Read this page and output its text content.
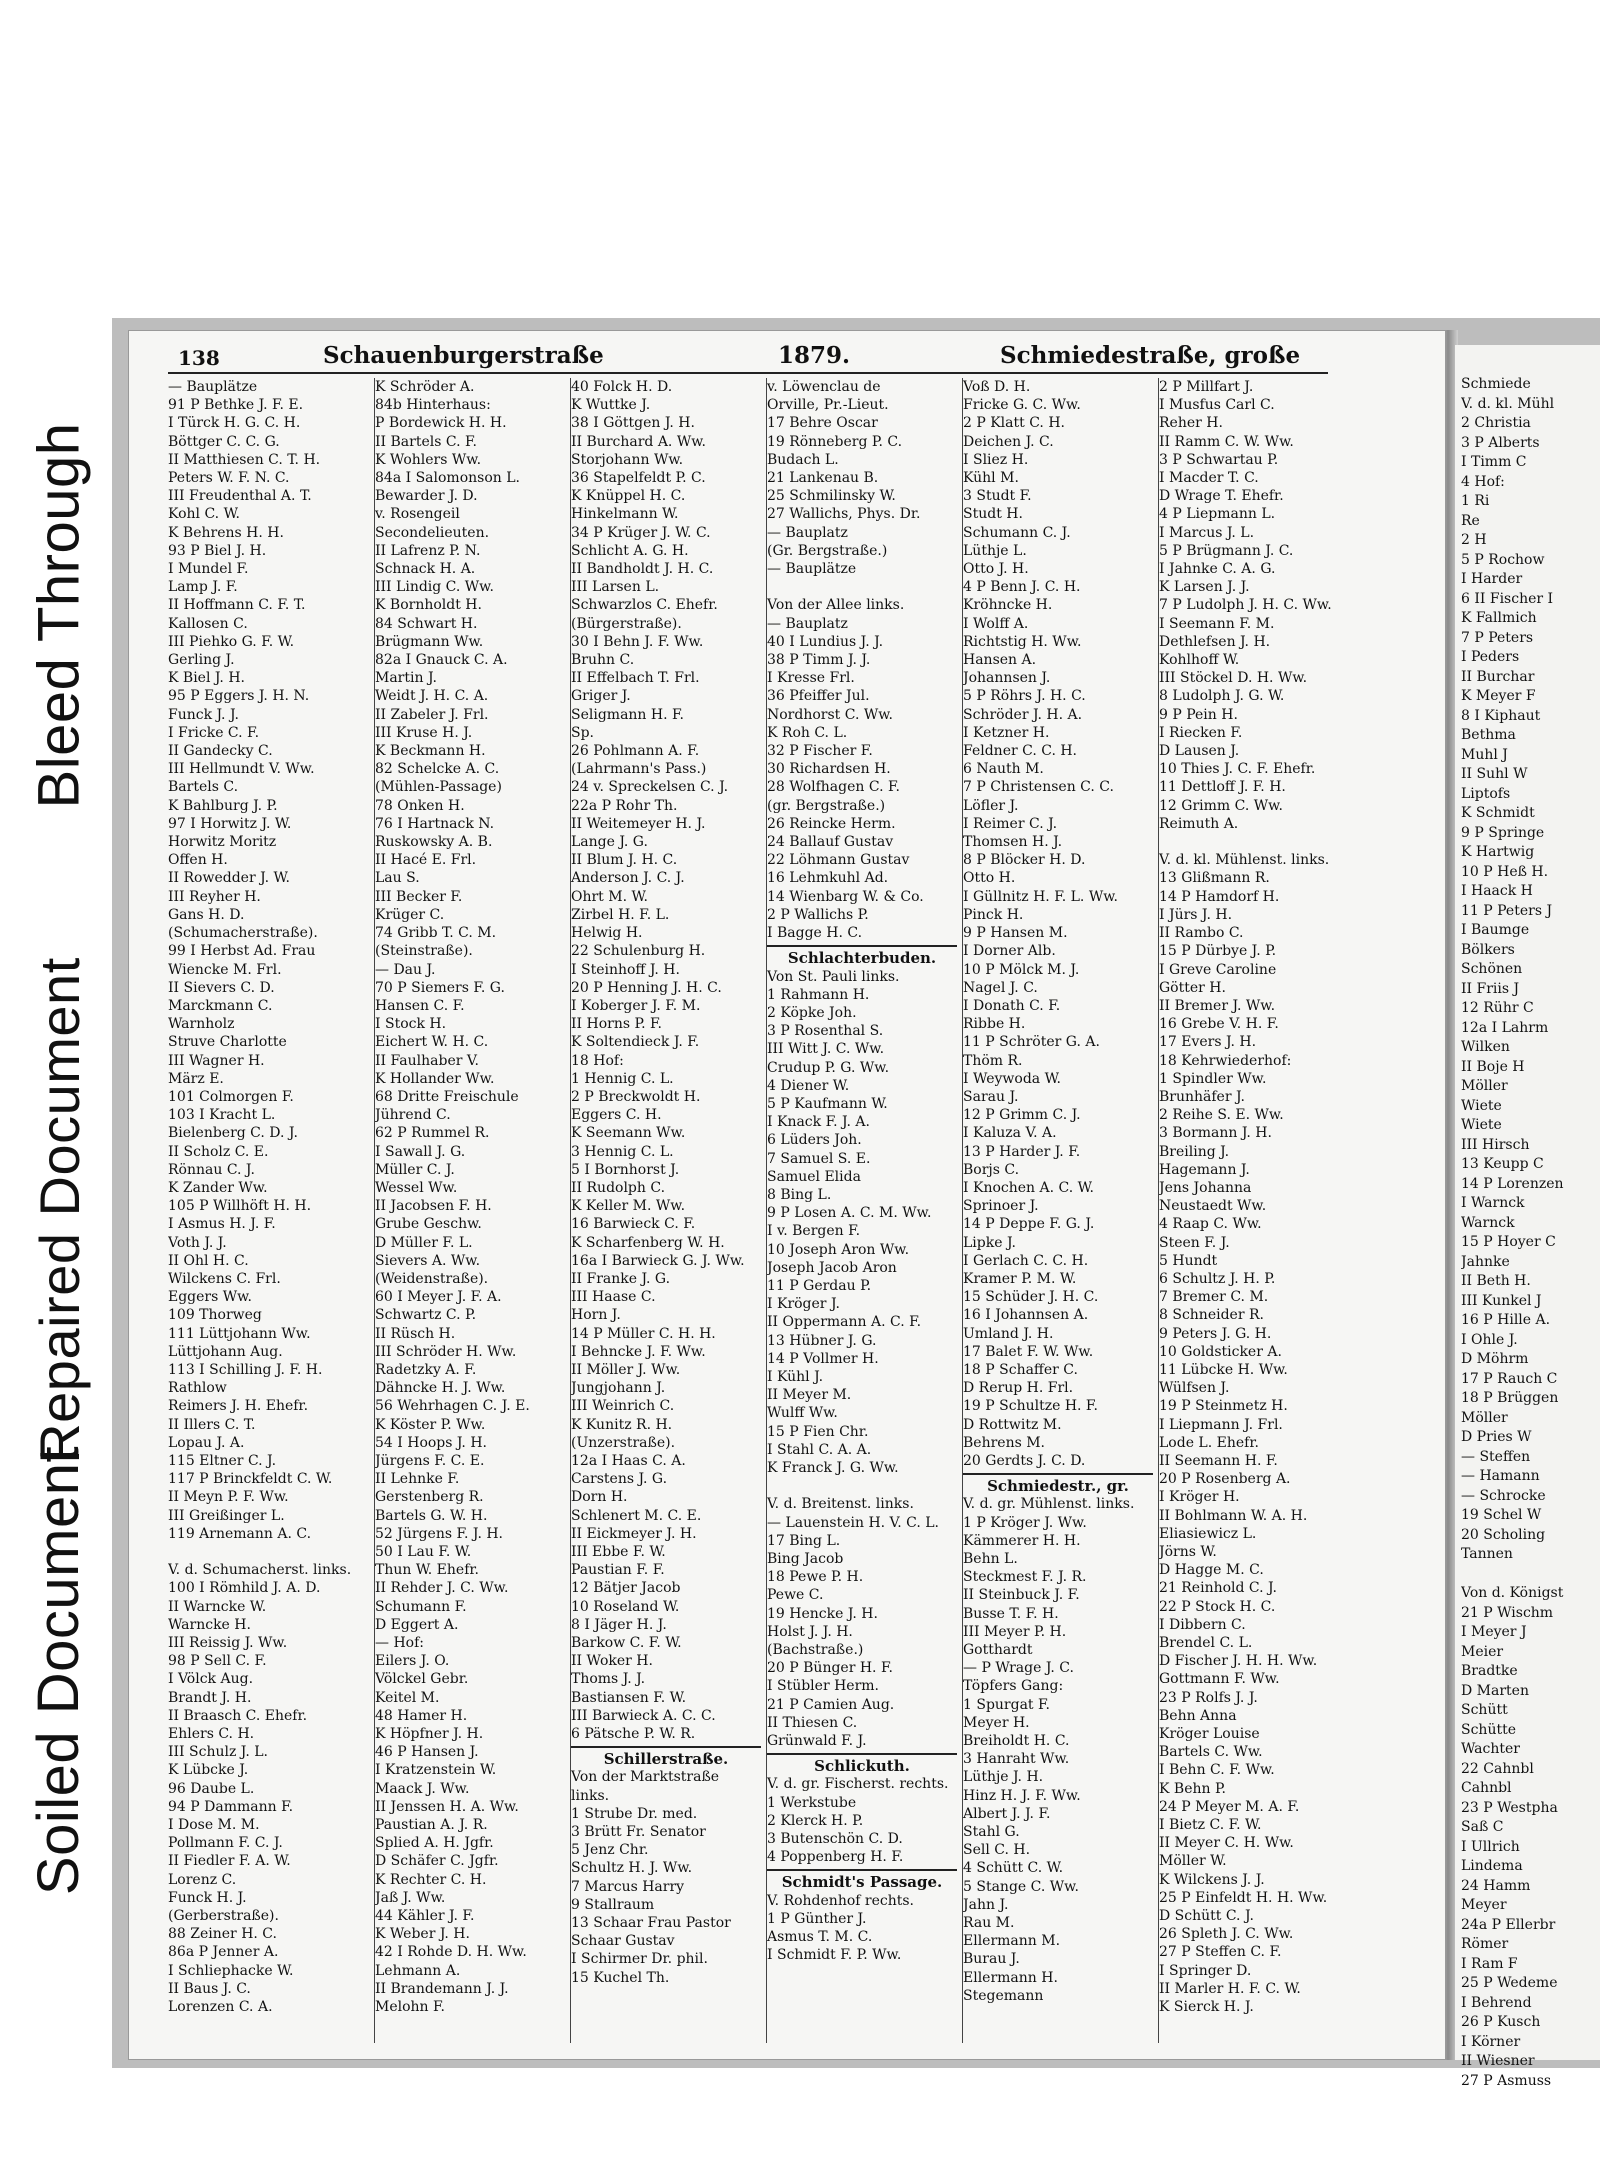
Soiled Document
Repaired Document
Bleed Through
Schmiede
V. d. kl. Mühl
2 Christia
3 P Alberts
I Timm C
4 Hof:
1 Ri
Re
2 H
5 P Rochow
I Harder
6 II Fischer I
K Fallmich
7 P Peters
I Peders
II Burchar
K Meyer F
8 I Kiphaut
Bethma
Muhl J
II Suhl W
Liptofs
K Schmidt
9 P Springe
K Hartwig
10 P Heß H.
I Haack H
11 P Peters J
I Baumge
Bölkers
Schönen
II Friis J
12 Rühr C
12a I Lahrm
Wilken
II Boje H
Möller
Wiete
Wiete
III Hirsch
13 Keupp C
14 P Lorenzen
I Warnck
Warnck
15 P Hoyer C
Jahnke
II Beth H.
III Kunkel J
16 P Hille A.
I Ohle J.
D Möhrm
17 P Rauch C
18 P Brüggen
Möller
D Pries W
— Steffen
— Hamann
— Schrocke
19 Schel W
20 Scholing
Tannen

Von d. Königst
21 P Wischm
I Meyer J
Meier
Bradtke
D Marten
Schütt
Schütte
Wachter
22 Cahnbl
Cahnbl
23 P Westpha
Saß C
I Ullrich
Lindema
24 Hamm
Meyer
24a P Ellerbr
Römer
I Ram F
25 P Wedeme
I Behrend
26 P Kusch
I Körner
II Wiesner
27 P Asmuss
138	Schauenburgerstraße	1879.	Schmiedestraße, große
— Bauplätze
91 P Bethke J. F. E.
I Türck H. G. C. H.
Böttger C. C. G.
II Matthiesen C. T. H.
Peters W. F. N. C.
III Freudenthal A. T.
Kohl C. W.
K Behrens H. H.
93 P Biel J. H.
I Mundel F.
Lamp J. F.
II Hoffmann C. F. T.
Kallosen C.
III Piehko G. F. W.
Gerling J.
K Biel J. H.
95 P Eggers J. H. N.
Funck J. J.
I Fricke C. F.
II Gandecky C.
III Hellmundt V. Ww.
Bartels C.
K Bahlburg J. P.
97 I Horwitz J. W.
Horwitz Moritz
Offen H.
II Rowedder J. W.
III Reyher H.
Gans H. D.
(Schumacherstraße).
99 I Herbst Ad. Frau
Wiencke M. Frl.
II Sievers C. D.
Marckmann C.
Warnholz
Struve Charlotte
III Wagner H.
März E.
101 Colmorgen F.
103 I Kracht L.
Bielenberg C. D. J.
II Scholz C. E.
Rönnau C. J.
K Zander Ww.
105 P Willhöft H. H.
I Asmus H. J. F.
Voth J. J.
II Ohl H. C.
Wilckens C. Frl.
Eggers Ww.
109 Thorweg
111 Lüttjohann Ww.
Lüttjohann Aug.
113 I Schilling J. F. H.
Rathlow
Reimers J. H. Ehefr.
II Illers C. T.
Lopau J. A.
115 Eltner C. J.
117 P Brinckfeldt C. W.
II Meyn P. F. Ww.
III Greißinger L.
119 Arnemann A. C.

V. d. Schumacherst. links.
100 I Römhild J. A. D.
II Warncke W.
Warncke H.
III Reissig J. Ww.
98 P Sell C. F.
I Völck Aug.
Brandt J. H.
II Braasch C. Ehefr.
Ehlers C. H.
III Schulz J. L.
K Lübcke J.
96 Daube L.
94 P Dammann F.
I Dose M. M.
Pollmann F. C. J.
II Fiedler F. A. W.
Lorenz C.
Funck H. J.
(Gerberstraße).
88 Zeiner H. C.
86a P Jenner A.
I Schliephacke W.
II Baus J. C.
Lorenzen C. A.
K Schröder A.
84b Hinterhaus:
P Bordewick H. H.
II Bartels C. F.
K Wohlers Ww.
84a I Salomonson L.
Bewarder J. D.
v. Rosengeil
Secondelieuten.
II Lafrenz P. N.
Schnack H. A.
III Lindig C. Ww.
K Bornholdt H.
84 Schwart H.
Brügmann Ww.
82a I Gnauck C. A.
Martin J.
Weidt J. H. C. A.
II Zabeler J. Frl.
III Kruse H. J.
K Beckmann H.
82 Schelcke A. C.
(Mühlen-Passage)
78 Onken H.
76 I Hartnack N.
Ruskowsky A. B.
II Hacé E. Frl.
Lau S.
III Becker F.
Krüger C.
74 Gribb T. C. M.
(Steinstraße).
— Dau J.
70 P Siemers F. G.
Hansen C. F.
I Stock H.
Eichert W. H. C.
II Faulhaber V.
K Hollander Ww.
68 Dritte Freischule
Jührend C.
62 P Rummel R.
I Sawall J. G.
Müller C. J.
Wessel Ww.
II Jacobsen F. H.
Grube Geschw.
D Müller F. L.
Sievers A. Ww.
(Weidenstraße).
60 I Meyer J. F. A.
Schwartz C. P.
II Rüsch H.
III Schröder H. Ww.
Radetzky A. F.
Dähncke H. J. Ww.
56 Wehrhagen C. J. E.
K Köster P. Ww.
54 I Hoops J. H.
Jürgens F. C. E.
II Lehnke F.
Gerstenberg R.
Bartels G. W. H.
52 Jürgens F. J. H.
50 I Lau F. W.
Thun W. Ehefr.
II Rehder J. C. Ww.
Schumann F.
D Eggert A.
— Hof:
Eilers J. O.
Völckel Gebr.
Keitel M.
48 Hamer H.
K Höpfner J. H.
46 P Hansen J.
I Kratzenstein W.
Maack J. Ww.
II Jenssen H. A. Ww.
Paustian A. J. R.
Splied A. H. Jgfr.
D Schäfer C. Jgfr.
K Rechter C. H.
Jaß J. Ww.
44 Kähler J. F.
K Weber J. H.
42 I Rohde D. H. Ww.
Lehmann A.
II Brandemann J. J.
Melohn F.
40 Folck H. D.
K Wuttke J.
38 I Göttgen J. H.
II Burchard A. Ww.
Storjohann Ww.
36 Stapelfeldt P. C.
K Knüppel H. C.
Hinkelmann W.
34 P Krüger J. W. C.
Schlicht A. G. H.
II Bandholdt J. H. C.
III Larsen L.
Schwarzlos C. Ehefr.
(Bürgerstraße).
30 I Behn J. F. Ww.
Bruhn C.
II Effelbach T. Frl.
Griger J.
Seligmann H. F.
Sp.
26 Pohlmann A. F.
(Lahrmann's Pass.)
24 v. Spreckelsen C. J.
22a P Rohr Th.
II Weitemeyer H. J.
Lange J. G.
II Blum J. H. C.
Anderson J. C. J.
Ohrt M. W.
Zirbel H. F. L.
Helwig H.
22 Schulenburg H.
I Steinhoff J. H.
20 P Henning J. H. C.
I Koberger J. F. M.
II Horns P. F.
K Soltendieck J. F.
18 Hof:
1 Hennig C. L.
2 P Breckwoldt H.
Eggers C. H.
K Seemann Ww.
3 Hennig C. L.
5 I Bornhorst J.
II Rudolph C.
K Keller M. Ww.
16 Barwieck C. F.
K Scharfenberg W. H.
16a I Barwieck G. J. Ww.
II Franke J. G.
III Haase C.
Horn J.
14 P Müller C. H. H.
I Behncke J. F. Ww.
II Möller J. Ww.
Jungjohann J.
III Weinrich C.
K Kunitz R. H.
(Unzerstraße).
12a I Haas C. A.
Carstens J. G.
Dorn H.
Schlenert M. C. E.
II Eickmeyer J. H.
III Ebbe F. W.
Paustian F. F.
12 Bätjer Jacob
10 Roseland W.
8 I Jäger H. J.
Barkow C. F. W.
II Woker H.
Thoms J. J.
Bastiansen F. W.
III Barwieck A. C. C.
6 Pätsche P. W. R.
Schillerstraße.
Von der Marktstraße
links.
1 Strube Dr. med.
3 Brütt Fr. Senator
5 Jenz Chr.
Schultz H. J. Ww.
7 Marcus Harry
9 Stallraum
13 Schaar Frau Pastor
Schaar Gustav
I Schirmer Dr. phil.
15 Kuchel Th.
v. Löwenclau de
Orville, Pr.-Lieut.
17 Behre Oscar
19 Rönneberg P. C.
Budach L.
21 Lankenau B.
25 Schmilinsky W.
27 Wallichs, Phys. Dr.
— Bauplatz
(Gr. Bergstraße.)
— Bauplätze

Von der Allee links.
— Bauplatz
40 I Lundius J. J.
38 P Timm J. J.
I Kresse Frl.
36 Pfeiffer Jul.
Nordhorst C. Ww.
K Roh C. L.
32 P Fischer F.
30 Richardsen H.
28 Wolfhagen C. F.
(gr. Bergstraße.)
26 Reincke Herm.
24 Ballauf Gustav
22 Löhmann Gustav
16 Lehmkuhl Ad.
14 Wienbarg W. & Co.
2 P Wallichs P.
I Bagge H. C.
Schlachterbuden.
Von St. Pauli links.
1 Rahmann H.
2 Köpke Joh.
3 P Rosenthal S.
III Witt J. C. Ww.
Crudup P. G. Ww.
4 Diener W.
5 P Kaufmann W.
I Knack F. J. A.
6 Lüders Joh.
7 Samuel S. E.
Samuel Elida
8 Bing L.
9 P Losen A. C. M. Ww.
I v. Bergen F.
10 Joseph Aron Ww.
Joseph Jacob Aron
11 P Gerdau P.
I Kröger J.
II Oppermann A. C. F.
13 Hübner J. G.
14 P Vollmer H.
I Kühl J.
II Meyer M.
Wulff Ww.
15 P Fien Chr.
I Stahl C. A. A.
K Franck J. G. Ww.

V. d. Breitenst. links.
— Lauenstein H. V. C. L.
17 Bing L.
Bing Jacob
18 Pewe P. H.
Pewe C.
19 Hencke J. H.
Holst J. J. H.
(Bachstraße.)
20 P Bünger H. F.
I Stübler Herm.
21 P Camien Aug.
II Thiesen C.
Grünwald F. J.
Schlickuth.
V. d. gr. Fischerst. rechts.
1 Werkstube
2 Klerck H. P.
3 Butenschön C. D.
4 Poppenberg H. F.
Schmidt's Passage.
V. Rohdenhof rechts.
1 P Günther J.
Asmus T. M. C.
I Schmidt F. P. Ww.
Voß D. H.
Fricke G. C. Ww.
2 P Klatt C. H.
Deichen J. C.
I Sliez H.
Kühl M.
3 Studt F.
Studt H.
Schumann C. J.
Lüthje L.
Otto J. H.
4 P Benn J. C. H.
Kröhncke H.
I Wolff A.
Richtstig H. Ww.
Hansen A.
Johannsen J.
5 P Röhrs J. H. C.
Schröder J. H. A.
I Ketzner H.
Feldner C. C. H.
6 Nauth M.
7 P Christensen C. C.
Löfler J.
I Reimer C. J.
Thomsen H. J.
8 P Blöcker H. D.
Otto H.
I Güllnitz H. F. L. Ww.
Pinck H.
9 P Hansen M.
I Dorner Alb.
10 P Mölck M. J.
Nagel J. C.
I Donath C. F.
Ribbe H.
11 P Schröter G. A.
Thöm R.
I Weywoda W.
Sarau J.
12 P Grimm C. J.
I Kaluza V. A.
13 P Harder J. F.
Borjs C.
I Knochen A. C. W.
Sprinoer J.
14 P Deppe F. G. J.
Lipke J.
I Gerlach C. C. H.
Kramer P. M. W.
15 Schüder J. H. C.
16 I Johannsen A.
Umland J. H.
17 Balet F. W. Ww.
18 P Schaffer C.
D Rerup H. Frl.
19 P Schultze H. F.
D Rottwitz M.
Behrens M.
20 Gerdts J. C. D.
Schmiedestr., gr.
V. d. gr. Mühlenst. links.
1 P Kröger J. Ww.
Kämmerer H. H.
Behn L.
Steckmest F. J. R.
II Steinbuck J. F.
Busse T. F. H.
III Meyer P. H.
Gotthardt
— P Wrage J. C.
Töpfers Gang:
1 Spurgat F.
Meyer H.
Breiholdt H. C.
3 Hanraht Ww.
Lüthje J. H.
Hinz H. J. F. Ww.
Albert J. J. F.
Stahl G.
Sell C. H.
4 Schütt C. W.
5 Stange C. Ww.
Jahn J.
Rau M.
Ellermann M.
Burau J.
Ellermann H.
Stegemann
2 P Millfart J.
I Musfus Carl C.
Reher H.
II Ramm C. W. Ww.
3 P Schwartau P.
I Macder T. C.
D Wrage T. Ehefr.
4 P Liepmann L.
I Marcus J. L.
5 P Brügmann J. C.
I Jahnke C. A. G.
K Larsen J. J.
7 P Ludolph J. H. C. Ww.
I Seemann F. M.
Dethlefsen J. H.
Kohlhoff W.
III Stöckel D. H. Ww.
8 Ludolph J. G. W.
9 P Pein H.
I Riecken F.
D Lausen J.
10 Thies J. C. F. Ehefr.
11 Dettloff J. F. H.
12 Grimm C. Ww.
Reimuth A.

V. d. kl. Mühlenst. links.
13 Glißmann R.
14 P Hamdorf H.
I Jürs J. H.
II Rambo C.
15 P Dürbye J. P.
I Greve Caroline
Götter H.
II Bremer J. Ww.
16 Grebe V. H. F.
17 Evers J. H.
18 Kehrwiederhof:
1 Spindler Ww.
Brunhäfer J.
2 Reihe S. E. Ww.
3 Bormann J. H.
Breiling J.
Hagemann J.
Jens Johanna
Neustaedt Ww.
4 Raap C. Ww.
Steen F. J.
5 Hundt
6 Schultz J. H. P.
7 Bremer C. M.
8 Schneider R.
9 Peters J. G. H.
10 Goldsticker A.
11 Lübcke H. Ww.
Wülfsen J.
19 P Steinmetz H.
I Liepmann J. Frl.
Lode L. Ehefr.
II Seemann H. F.
20 P Rosenberg A.
I Kröger H.
II Bohlmann W. A. H.
Eliasiewicz L.
Jörns W.
D Hagge M. C.
21 Reinhold C. J.
22 P Stock H. C.
I Dibbern C.
Brendel C. L.
D Fischer J. H. H. Ww.
Gottmann F. Ww.
23 P Rolfs J. J.
Behn Anna
Kröger Louise
Bartels C. Ww.
I Behn C. F. Ww.
K Behn P.
24 P Meyer M. A. F.
I Bietz C. F. W.
II Meyer C. H. Ww.
Möller W.
K Wilckens J. J.
25 P Einfeldt H. H. Ww.
D Schütt C. J.
26 Spleth J. C. Ww.
27 P Steffen C. F.
I Springer D.
II Marler H. F. C. W.
K Sierck H. J.
